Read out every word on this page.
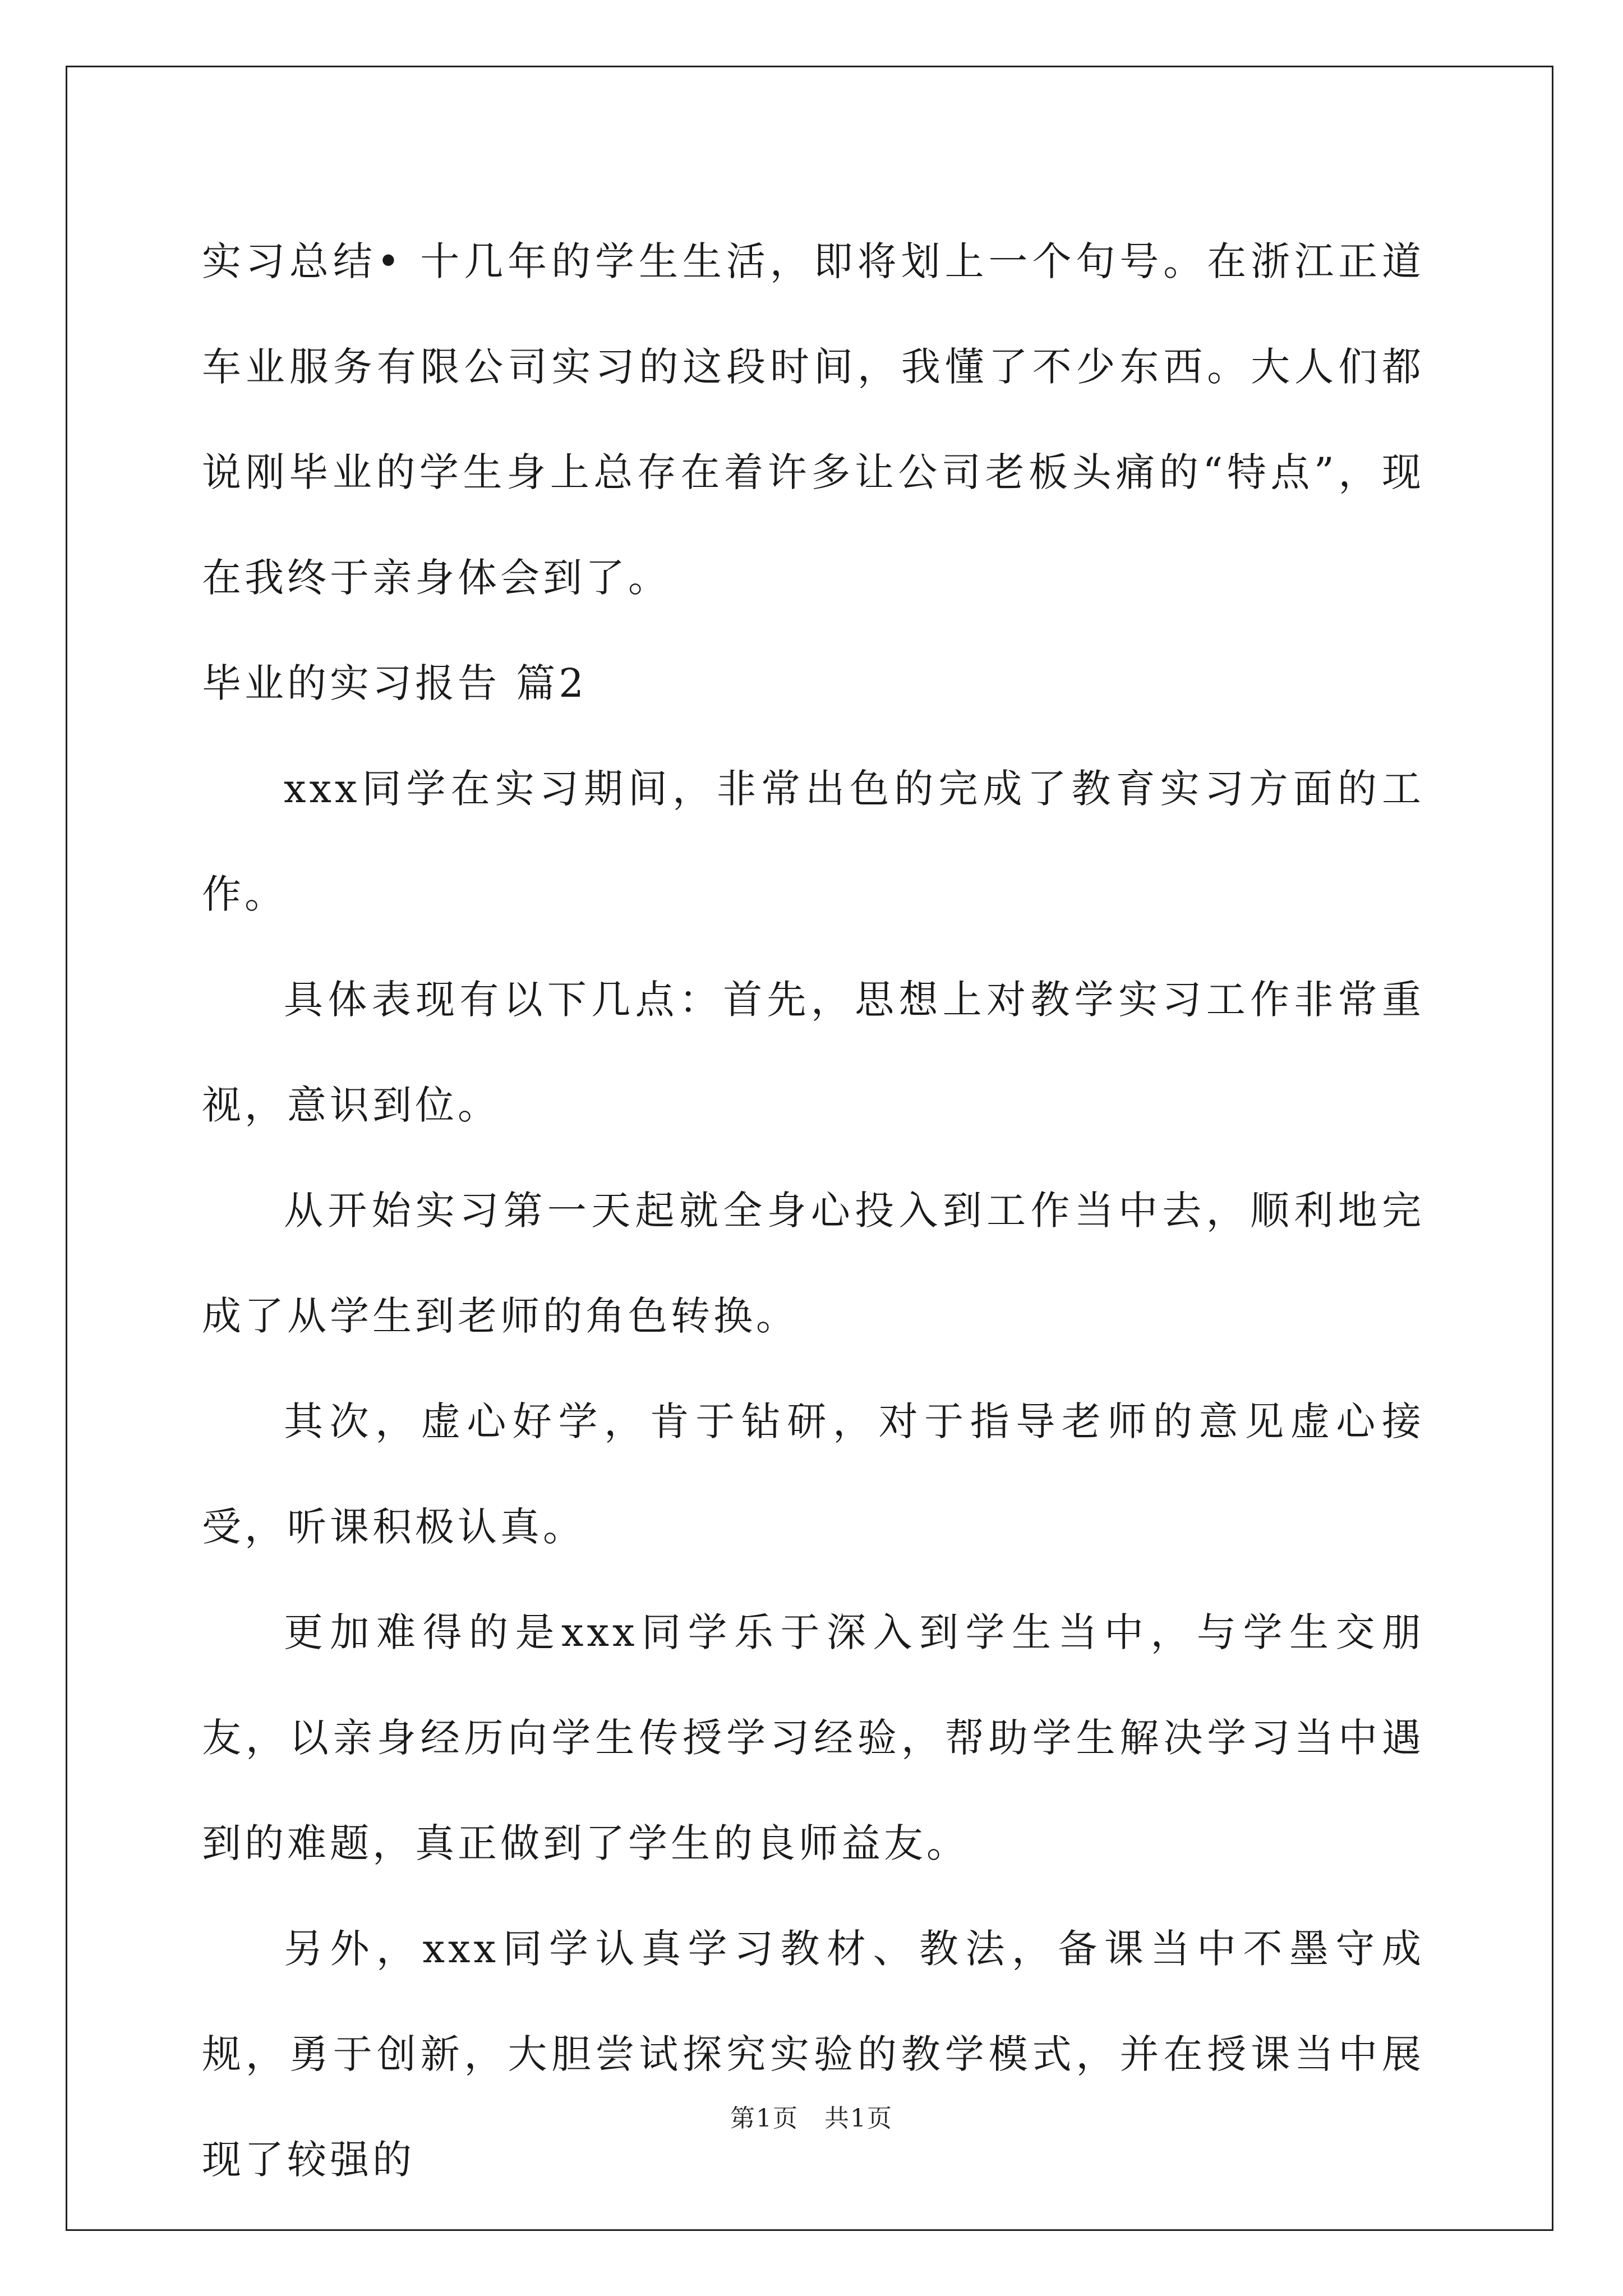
实习总结• 十几年的学生生活，即将划上一个句号。在浙江正道车业服务有限公司实习的这段时间，我懂了不少东西。大人们都说刚毕业的学生身上总存在着许多让公司老板头痛的“特点”，现在我终于亲身体会到了。

毕业的实习报告 篇2

xxx同学在实习期间，非常出色的完成了教育实习方面的工作。

具体表现有以下几点：首先，思想上对教学实习工作非常重视，意识到位。

从开始实习第一天起就全身心投入到工作当中去，顺利地完成了从学生到老师的角色转换。

其次，虚心好学，肯于钻研，对于指导老师的意见虚心接受，听课积极认真。

更加难得的是xxx同学乐于深入到学生当中，与学生交朋友，以亲身经历向学生传授学习经验，帮助学生解决学习当中遇到的难题，真正做到了学生的良师益友。

另外，xxx同学认真学习教材、教法，备课当中不墨守成规，勇于创新，大胆尝试探究实验的教学模式，并在授课当中展现了较强的

第1页 共1页
